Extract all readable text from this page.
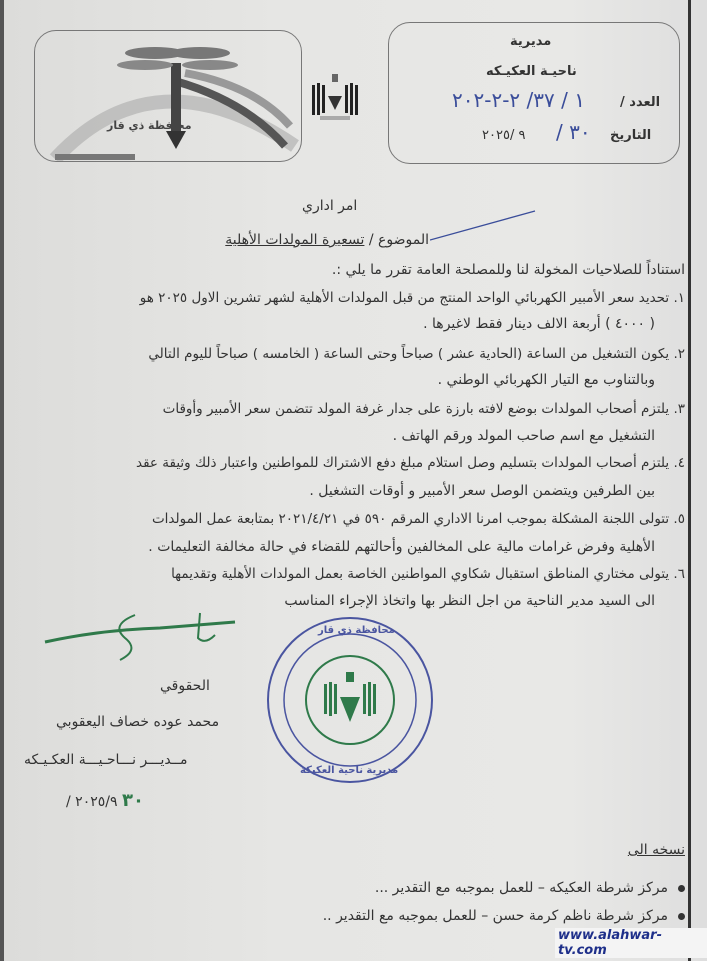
محافظة ذي قار
مديرية
ناحيـة العكيـكه
العدد /
١ / ٣٧/ ٢-٢-٢٠٢
التاريخ
٣٠ /
٩ /٢٠٢٥
امر اداري
الموضوع / تسعيرة المولدات الأهلية
استناداً للصلاحيات المخولة لنا وللمصلحة العامة تقرر ما يلي :.
١. تحديد سعر الأمبير الكهربائي الواحد المنتج من قبل المولدات الأهلية لشهر تشرين الاول ٢٠٢٥ هو
( ٤٠٠٠ ) أربعة الالف دينار فقط لاغيرها .
٢. يكون التشغيل من الساعة (الحادية عشر ) صباحاً وحتى الساعة ( الخامسه ) صباحاً لليوم التالي
وبالتناوب مع التيار الكهربائي الوطني .
٣. يلتزم أصحاب المولدات بوضع لافته بارزة على جدار غرفة المولد تتضمن سعر الأمبير وأوقات
التشغيل مع اسم صاحب المولد ورقم الهاتف .
٤. يلتزم أصحاب المولدات بتسليم وصل استلام مبلغ دفع الاشتراك للمواطنين واعتبار ذلك وثيقة عقد
بين الطرفين ويتضمن الوصل سعر الأمبير و أوقات التشغيل .
٥. تتولى اللجنة المشكلة بموجب امرنا الاداري المرقم ٥٩٠ في ٢٠٢١/٤/٢١ بمتابعة عمل المولدات
الأهلية وفرض غرامات مالية على المخالفين وأحالتهم للقضاء في حالة مخالفة التعليمات .
٦. يتولى مختاري المناطق استقبال شكاوي المواطنين الخاصة بعمل المولدات الأهلية وتقديمها
الى السيد مدير الناحية من اجل النظر بها واتخاذ الإجراء المناسب
الحقوقي
محمد عوده خصاف اليعقوبي
مــديـــر نـــاحـيـــة العكـيـكه
٣٠ ٢٠٢٥/٩ /
محافظة ذي قار
مديرية ناحية العكيكة
نسخه الى
مركز شرطة العكيكه – للعمل بموجبه مع التقدير ...
مركز شرطة ناظم كرمة حسن – للعمل بموجبه مع التقدير ..
www.alahwar-tv.com
